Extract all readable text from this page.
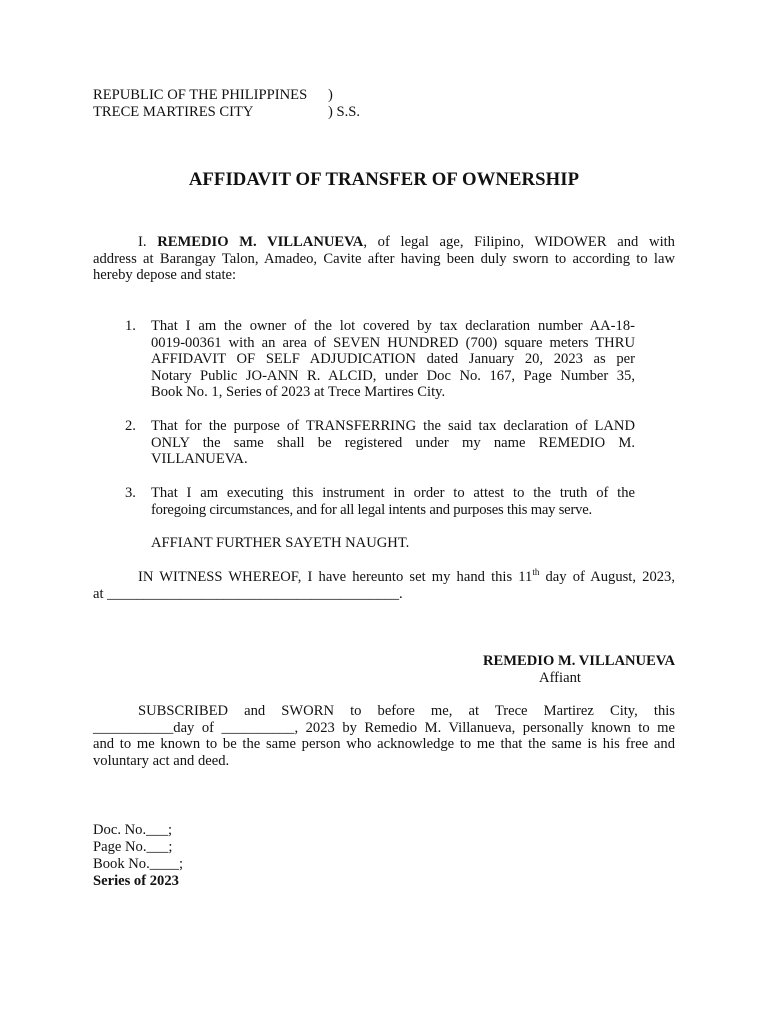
REPUBLIC OF THE PHILIPPINES )
TRECE MARTIRES CITY	) S.S.
AFFIDAVIT OF TRANSFER OF OWNERSHIP
I. REMEDIO M. VILLANUEVA, of legal age, Filipino, WIDOWER and with
address at Barangay Talon, Amadeo, Cavite after having been duly sworn to according to law
hereby depose and state:
1. That I am the owner of the lot covered by tax declaration number AA-18-
0019-00361 with an area of SEVEN HUNDRED (700) square meters THRU
AFFIDAVIT OF SELF ADJUDICATION dated January 20, 2023 as per
Notary Public JO-ANN R. ALCID, under Doc No. 167, Page Number 35,
Book No. 1, Series of 2023 at Trece Martires City.
2. That for the purpose of TRANSFERRING the said tax declaration of LAND
ONLY the same shall be registered under my name REMEDIO M.
VILLANUEVA.
3. That I am executing this instrument in order to attest to the truth of the
foregoing circumstances, and for all legal intents and purposes this may serve.
AFFIANT FURTHER SAYETH NAUGHT.
IN WITNESS WHEREOF, I have hereunto set my hand this 11th day of August, 2023,
at ________________________________________.
REMEDIO M. VILLANUEVA
Affiant
SUBSCRIBED and SWORN to before me, at Trece Martirez City, this
___________day of __________, 2023 by Remedio M. Villanueva, personally known to me
and to me known to be the same person who acknowledge to me that the same is his free and
voluntary act and deed.
Doc. No.___;
Page No.___;
Book No.____;
Series of 2023
